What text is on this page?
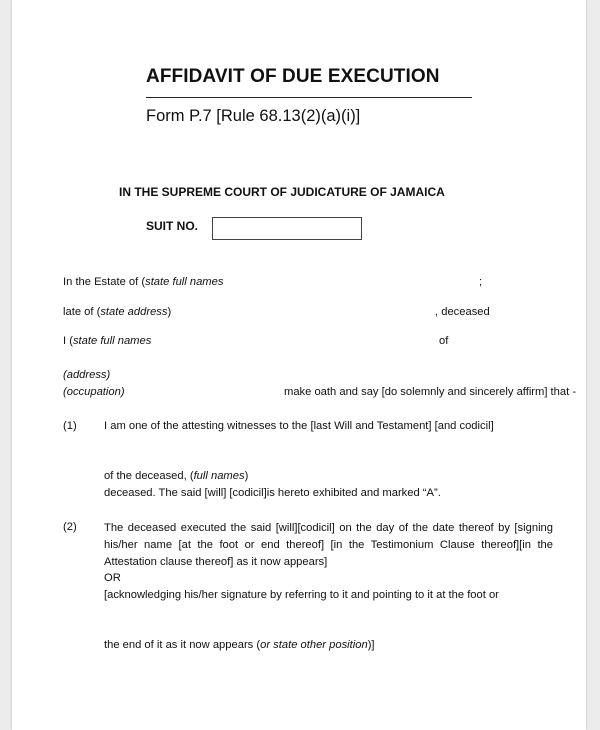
AFFIDAVIT OF DUE EXECUTION
Form P.7 [Rule 68.13(2)(a)(i)]
IN THE SUPREME COURT OF JUDICATURE OF JAMAICA
SUIT NO.
In the Estate of (state full names	;
late of (state address)	, deceased
I (state full names	of
(address)
(occupation)	make oath and say [do solemnly and sincerely affirm] that -
(1) I am one of the attesting witnesses to the [last Will and Testament] [and codicil]
of the deceased, (full names)
deceased. The said [will] [codicil]is hereto exhibited and marked “A”.
(2) The deceased executed the said [will][codicil] on the day of the date thereof by [signing his/her name [at the foot or end thereof] [in the Testimonium Clause thereof][in the Attestation clause thereof] as it now appears]
OR
[acknowledging his/her signature by referring to it and pointing to it at the foot or
the end of it as it now appears (or state other position)]
